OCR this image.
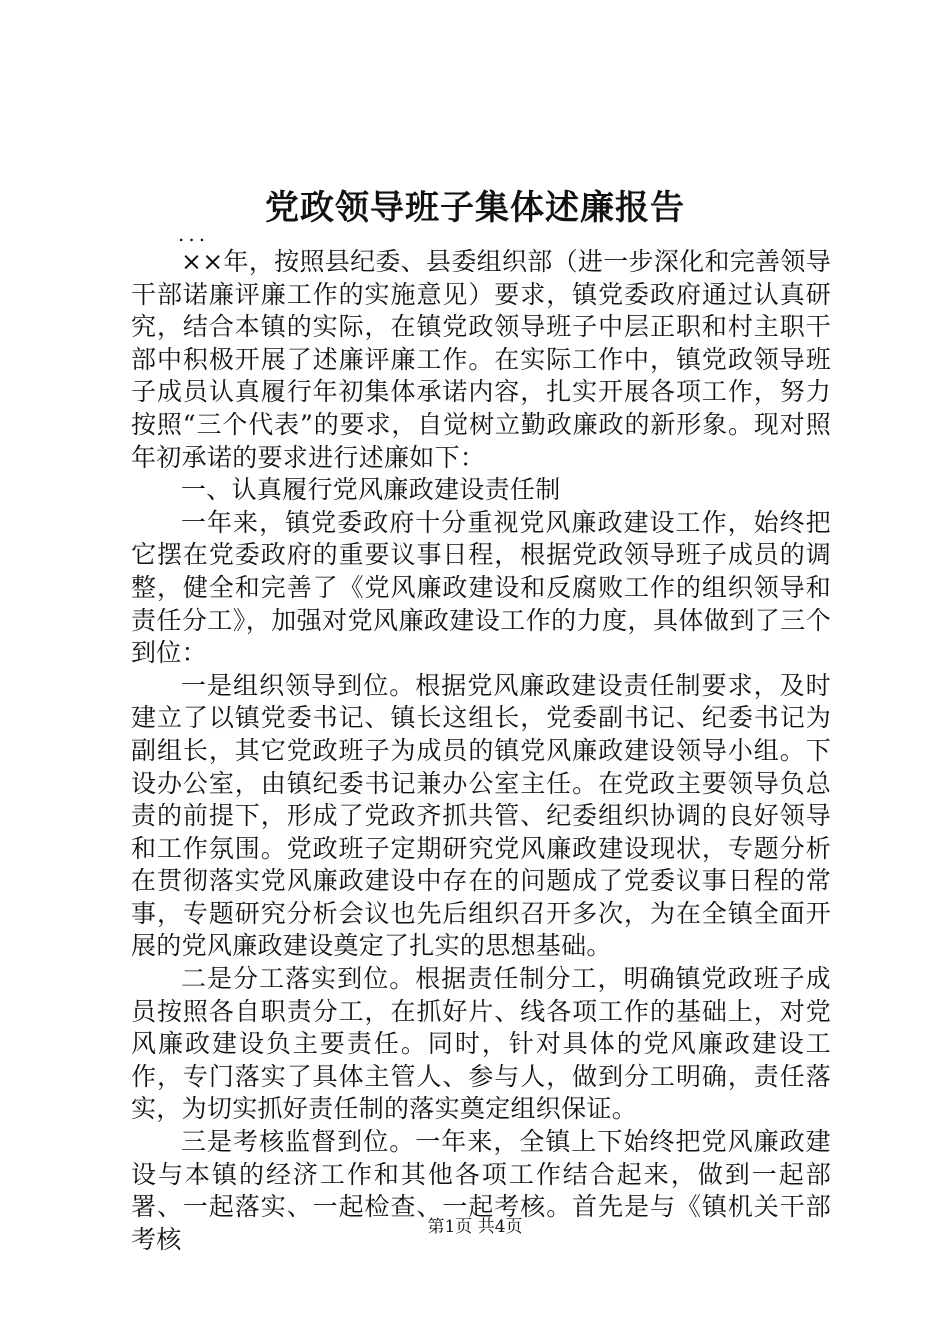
党政领导班子集体述廉报告
...

××年，按照县纪委、县委组织部（进一步深化和完善领导干部诺廉评廉工作的实施意见）要求，镇党委政府通过认真研究，结合本镇的实际，在镇党政领导班子中层正职和村主职干部中积极开展了述廉评廉工作。在实际工作中，镇党政领导班子成员认真履行年初集体承诺内容，扎实开展各项工作，努力按照“三个代表”的要求，自觉树立勤政廉政的新形象。现对照年初承诺的要求进行述廉如下：

一、认真履行党风廉政建设责任制

一年来，镇党委政府十分重视党风廉政建设工作，始终把它摆在党委政府的重要议事日程，根据党政领导班子成员的调整，健全和完善了《党风廉政建设和反腐败工作的组织领导和责任分工》，加强对党风廉政建设工作的力度，具体做到了三个到位：

一是组织领导到位。根据党风廉政建设责任制要求，及时建立了以镇党委书记、镇长这组长，党委副书记、纪委书记为副组长，其它党政班子为成员的镇党风廉政建设领导小组。下设办公室，由镇纪委书记兼办公室主任。在党政主要领导负总责的前提下，形成了党政齐抓共管、纪委组织协调的良好领导和工作氛围。党政班子定期研究党风廉政建设现状，专题分析在贯彻落实党风廉政建设中存在的问题成了党委议事日程的常事，专题研究分析会议也先后组织召开多次，为在全镇全面开展的党风廉政建设奠定了扎实的思想基础。

二是分工落实到位。根据责任制分工，明确镇党政班子成员按照各自职责分工，在抓好片、线各项工作的基础上，对党风廉政建设负主要责任。同时，针对具体的党风廉政建设工作，专门落实了具体主管人、参与人，做到分工明确，责任落实，为切实抓好责任制的落实奠定组织保证。

三是考核监督到位。一年来，全镇上下始终把党风廉政建设与本镇的经济工作和其他各项工作结合起来，做到一起部署、一起落实、一起检查、一起考核。首先是与《镇机关干部考核	第1页 共4页
